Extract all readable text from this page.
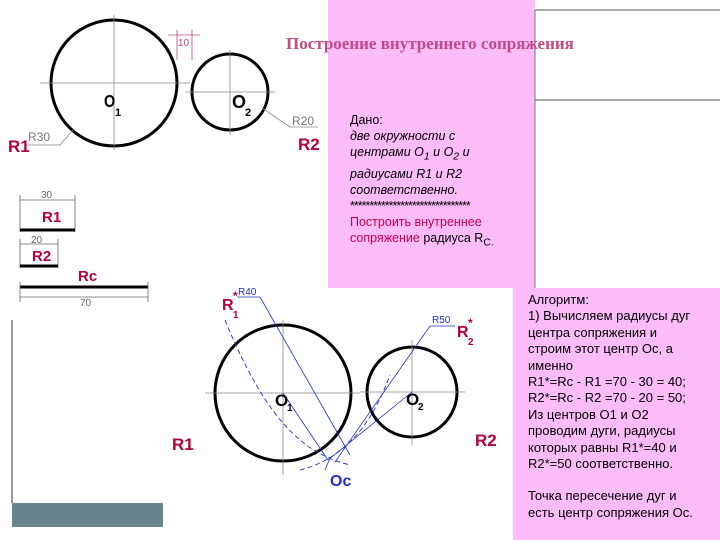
10
O
1
O
2
R30
R20
R1	R2
30
R1
20
R2
Rc
70
R40
R50
R
1
*
R
2
*
O
1	O
2
R1	R2
Oc
Построение внутреннего сопряжения
Дано:
две окружности с
центрами $O_1$ и $O_2$ и
радиусами R1 и R2
соответственно.
*******************************
Построить внутреннее
сопряжение радиуса $R_{C.}$
Алгоритм:
1) Вычисляем радиусы дуг
центра сопряжения и
строим этот центр Oc, а
именно
R1*=Rc - R1 =70 - 30 = 40;
R2*=Rc - R2 =70 - 20 = 50;
Из центров O1 и O2
проводим дуги, радиусы
которых равны R1*=40 и
R2*=50 соответственно.
Точка пересечение дуг и
есть центр сопряжения Oc.
